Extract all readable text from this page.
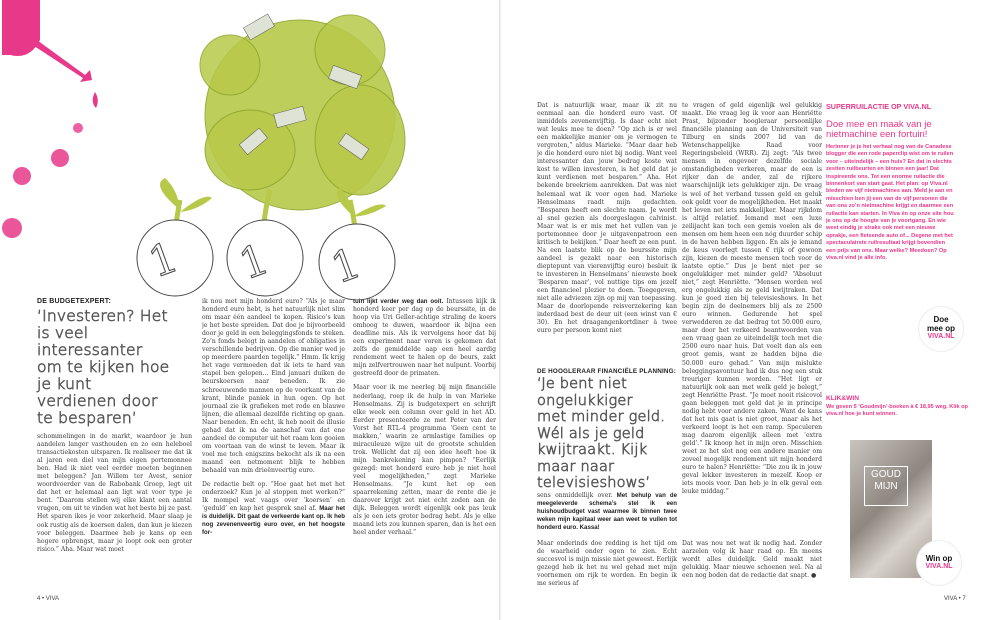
1 1 1
DE BUDGETEXPERT:
‘Investeren? Het
is veel
interessanter
om te kijken hoe
je kunt
verdienen door
te besparen’

schommelingen in de markt, waardoor je hun aandelen langer vasthouden en zo een heleboel transactiekosten uitsparen. Ik realiseer me dat ik al jaren een diel van mijn eigen portemonnee ben. Had ik niet veel eerder moeten beginnen met beleggen? Jan Willem ter Avest, senior woordvoerder van de Rabobank Groep, legt uit dat het er helemaal aan ligt wat voor type je bent. “Daarom stellen wij elke klant een aantal vragen, om uit te vinden wat het beste bij ze past. Het sparen ikes je voor zekerheid. Maar slaap je ook rustig als de koersen dalen, dan kun je kiezen voor beleggen. Daarmee heb je kans op een hogere opbrengst, maar je loopt ook een groter risico.” Aha. Maar wat moet

ik nou met mijn honderd euro? “Als je maar honderd euro hebt, is het natuurlijk niet slim om maar één aandeel te kopen. Risico’s kun je het beste spreiden. Dat doe je bijvoorbeeld door je geld in een beleggingsfonds te steken. Zo’n fonds belegt in aandelen of obligaties in verschillende bedrijven. Op die manier wed je op meerdere paarden tegelijk.” Hmm. Ik krijg het vage vermoeden dat ik iets te hard van stapel ben gelopen... Eind januari duiken de beurskoersen naar beneden. Ik zie schreeuwende mannen op de voorkant van de krant, blinde paniek in hun ogen. Op het journaal zie ik grafieken met rode en blauwe lijnen, die allemaal dezelfde richting op gaan. Naar beneden. En echt, ik heb nooit de illusie gehad dat ik na de aanschaf van dat ene aandeel de computer uit het raam kon gooien om voortaan van de winst te leven. Maar ik voel me toch enigszins bekocht als ik na een maand een netmoment blijk te hebben behaald van min drieënveertig euro.

De redactie belt op. “Hoe gaat het met het onderzoek? Kun je al stoppen met werken?” Ik mompel wat vaags over ‘koersen’ en ‘geduld’ en kap het gesprek snel af. Maar het is duidelijk. Dit gaat de verkeerde kant op. Ik heb nog zevenenveertig euro over, en het hoogste for-

tuin lijkt verder weg dan ooit. Intussen kijk ik honderd keer per dag op de beurssite, in de hoop via Uri Geller-achtige straling de koers omhoog te duwen, waardoor ik bijna een deadline mis. Als ik vervolgens hoor dat bij een experiment naar voren is gekomen dat zelfs de gemiddelde aap een heel aardig rendement weet te halen op de beurs, zakt mijn zelfvertrouwen naar het nulpunt. Voorbij gestreefd door de primaten.

Maar voor ik me neerleg bij mijn financiële nederlaag, roep ik de hulp in van Marieke Henselmans. Zij is budgetexpert en schrijft elke week een column over geld in het AD. Eerder presenteerde ze met Peter van der Vorst het RTL-4 programma ‘Geen cent te makken,’ waarin ze armlastige families op miraculeuze wijze uit de grootste schulden trok. Wellicht dat zij een idee heeft hoe ik mijn bankrekening kan pimpen? “Eerlijk gezegd: met honderd euro heb je niet heel veel mogelijkheden,” zegt Marieke Henselmans. “Je kunt het op een spaarrekening zetten, maar de rente die je daarover krijgt zet niet echt zoden aan de dijk. Beleggen wordt eigenlijk ook pas leuk als je een iets groter bedrag hebt. Als je elke maand iets zou kunnen sparen, dan is het een heel ander verhaal.”

4 • VIVA

Dat is natuurlijk waar, maar ik zit nu eenmaal aan die honderd euro vast. Of inmiddels zevenenvijftig. Is daar echt niet wat leuks mee te doen? “Op zich is er wel een makkelijke manier om je vermogen te vergroten,” aldus Marieke. “Maar daar heb je die honderd euro niet bij nodig. Want veel interessanter dan jouw bedrag koste wat kost te willen investeren, is het geld dat je kunt verdienen met besparen.” Aha. Het bekende breekriem aanrekken. Dat was niet helemaal wat ik voor ogen had. Marieke Henselmans raadt mijn gedachten. “Besparen heeft een slechte naam. Je wordt al snel gezien als doorgeslagen calvinist. Maar wat is er mis met het vullen van je portemonnee door je uitgavenpatroon een kritisch te bekijken.” Daar heeft ze een punt. Na een laatste blik op de beurssite mijn aandeel is gezakt naar een historisch dieptepunt van vierenvijftig euro) besluit ik te investeren in Henselmans’ nieuwste boek ‘Besparen maar’, vol nuttige tips om jezelf een financieel plezier te doen. Toegegeven, niet alle adviezen zijn op mij van toepassing. Maar de doorlopende reisverzekering kan inderdaad best de deur uit (een winst van € 30). En het draagangenkortdiner à twee euro per persoon komt niet

DE HOOGLERAAR FINANCIËLE PLANNING:
‘Je bent niet
ongelukkiger
met minder geld.
Wél als je geld
kwijtraakt. Kijk
maar naar
televisieshows’

sens onmiddellijk over. Met behulp van de meegeleverde schema’s stel ik een huishoudbudget vast waarmee ik binnen twee weken mijn kapitaal weer aan weet te vullen tot honderd euro. Kassa!

Maar onderinds doe redding is het tijd om de waarheid onder ogen te zien. Echt succesvol is mijn missie niet geweest. Eerlijk gezegd heb ik het nu wel gehad met mijn voornemen om rijk te worden. En begin ik me serieus af

te vragen of geld eigenlijk wel gelukkig maakt. Die vraag leg ik voor aan Henriëtte Prast, bijzonder hoogleraar persoonlijke financiële planning aan de Universiteit van Tilburg en sinds 2007 lid van de Wetenschappelijke Raad voor Regeringsbeleid (WRR). Zij zegt: “Als twee mensen in ongeveer dezelfde sociale omstandigheden verkeren, maar de een is rijker dan de ander, zal de rijkere waarschijnlijk iets gelukkiger zijn. De vraag is wel of het verband tussen geld en geluk ook geldt voor de mogelijkheden. Het maakt het leven net iets makkelijker. Maar rijkdom is altijd relatief. Iemand met een luxe zeilijacht kan toch een gemis voelen als de mensen om hem heen een nóg duurder schip in de haven hebben liggen. En als je iemand de keus voorlegt tussen € rijk of gewoon zijn, kiezen de meeste mensen toch voor de laatste optie.” Dus je bent niet per se ongelukkiger met minder geld? “Absoluut niet,” zegt Henriëtte. “Mensen worden wel erg ongelukkig als ze geld kwijtraken. Dat kun je goed zien bij televisieshows. In het begin zijn de deelnemers blij als ze 2500 euro winnen. Gedurende het spel verwedderen ze dat bedrag tot 50.000 euro, maar door het verkeerd beantwoorden van een vraag gaan ze uiteindelijk toch met die 2500 euro naar huis. Dat voelt dan als een groot gemis, want ze hadden bijna die 50.000 euro gehad.” Van mijn mislukte beleggingsavontuur had ik dus nog een stuk treuriger kunnen worden. “Het ligt er natuurlijk ook aan met welk geld je belegt,” zegt Henriëtte Prast. “Je moet nooit risicovol gaan beleggen met geld dat je in principe nodig hebt voor andere zaken. Want de kans dat het mis gaat is niet groot, maar als het verkeerd loopt is het een ramp. Speculeren mag daarom eigenlijk alleen met ‘extra geld’.” Ik knoop het in mijn oren. Misschien weet ze het slot nog een andere manier om zoveel mogelijk rendement uit mijn honderd euro te halen? Henriëtte: “Die zou ik in jouw geval lekker investeren in mezelf. Koop er iets moois voor. Dan heb je in elk geval een leuke middag.”

Dat was nou net wat ik nodig had. Zonder aarzelen volg ik haar raad op. En meens wordt alles duidelijk. Geld maakt niet gelukkig. Maar nieuwe schoenen wel. Na al een nog boden dat de redactie dat snapt. ●

SUPERRUILACTIE OP VIVA.NL
Doe mee en maak van je nietmachine een fortuin!

Herinner je je het verhaal nog van de Canadese blogger die een rode paperclip wist om te ruilen voor – uiteindelijk – een huis? En dat in slechts zestien ruilbeurten en binnen een jaar! Dat inspireerde ons. Tot een enorme ruilactie die binnenkort van start gaat. Het plan: op Viva.nl bieden we vijf nietmachines aan. Meld je aan en misschien ben jij een van de vijf personen die van ons zo’n nietmachine krijgt en daarmee een ruilactie kan starten. In Viva én op onze site hou je ons op de hoogte van je voortgang. En wie weet eindig je straks ook met een nieuwe oprakje, een fietsende auto of... Degene met het spectaculairste ruilresultaat krijgt bovendien een prijs van ons. Maar welke? Meedoen? Op viva.nl vind je alle info.

Doe
mee op
VIVA.NL
KLIK&WIN
We geven 5 ‘Goudmijn’-boeken à € 18,95 weg. Klik op viva.nl hoe je kunt winnen.
GOUD MIJN
Win op
VIVA.NL
VIVA • 7
